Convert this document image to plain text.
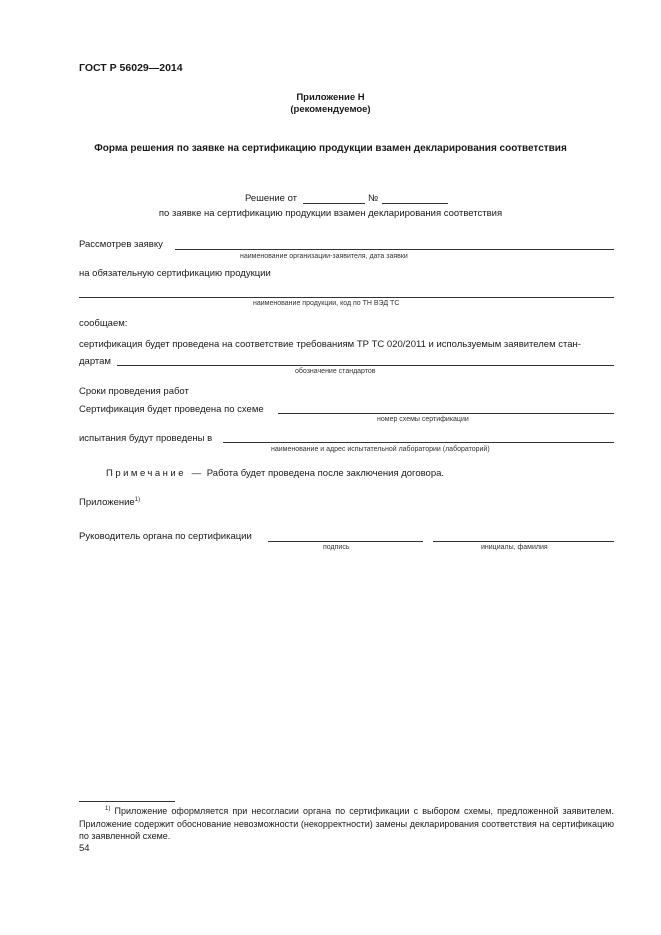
ГОСТ Р 56029—2014
Приложение Н
(рекомендуемое)
Форма решения по заявке на сертификацию продукции взамен декларирования соответствия
Решение от	№
по заявке на сертификацию продукции взамен декларирования соответствия
Рассмотрев заявку
наименование организации-заявителя, дата заявки
на обязательную сертификацию продукции
наименование продукции, код по ТН ВЭД ТС
сообщаем:
сертификация будет проведена на соответствие требованиям ТР ТС 020/2011 и используемым заявителем стан-
дартам
обозначение стандартов
Сроки проведения работ
Сертификация будет проведена по схеме
номер схемы сертификации
испытания будут проведены в
наименование и адрес испытательной лаборатории (лабораторий)
Примечание — Работа будет проведена после заключения договора.
Приложение$^{1)}$
Руководитель органа по сертификации
подпись	инициалы, фамилия
$^{1)}$ Приложение оформляется при несогласии органа по сертификации с выбором схемы, предложенной заявителем. Приложение содержит обоснование невозможности (некорректности) замены декларирования соответствия на сертификацию по заявленной схеме.
54
